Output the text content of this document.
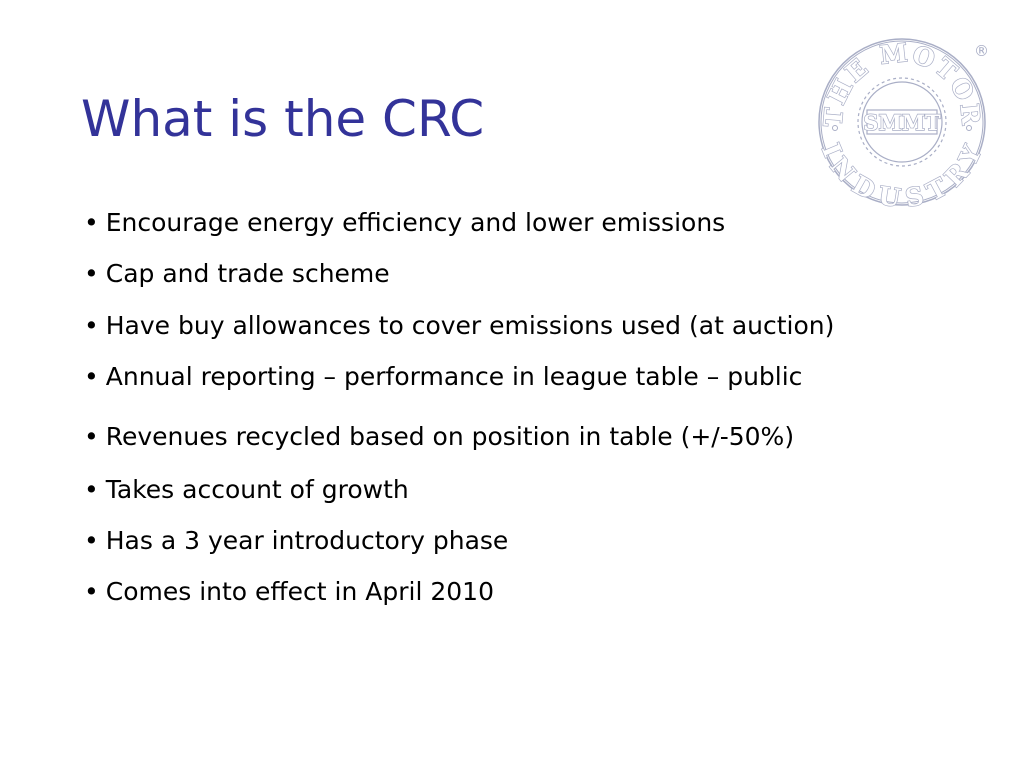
What is the CRC	THE MOTOR
INDUSTRY
SMMT
®
• Encourage energy efficiency and lower emissions
• Cap and trade scheme
• Have buy allowances to cover emissions used (at auction)
• Annual reporting – performance in league table – public
• Revenues recycled based on position in table (+/-50%)
• Takes account of growth
• Has a 3 year introductory phase
• Comes into effect in April 2010
